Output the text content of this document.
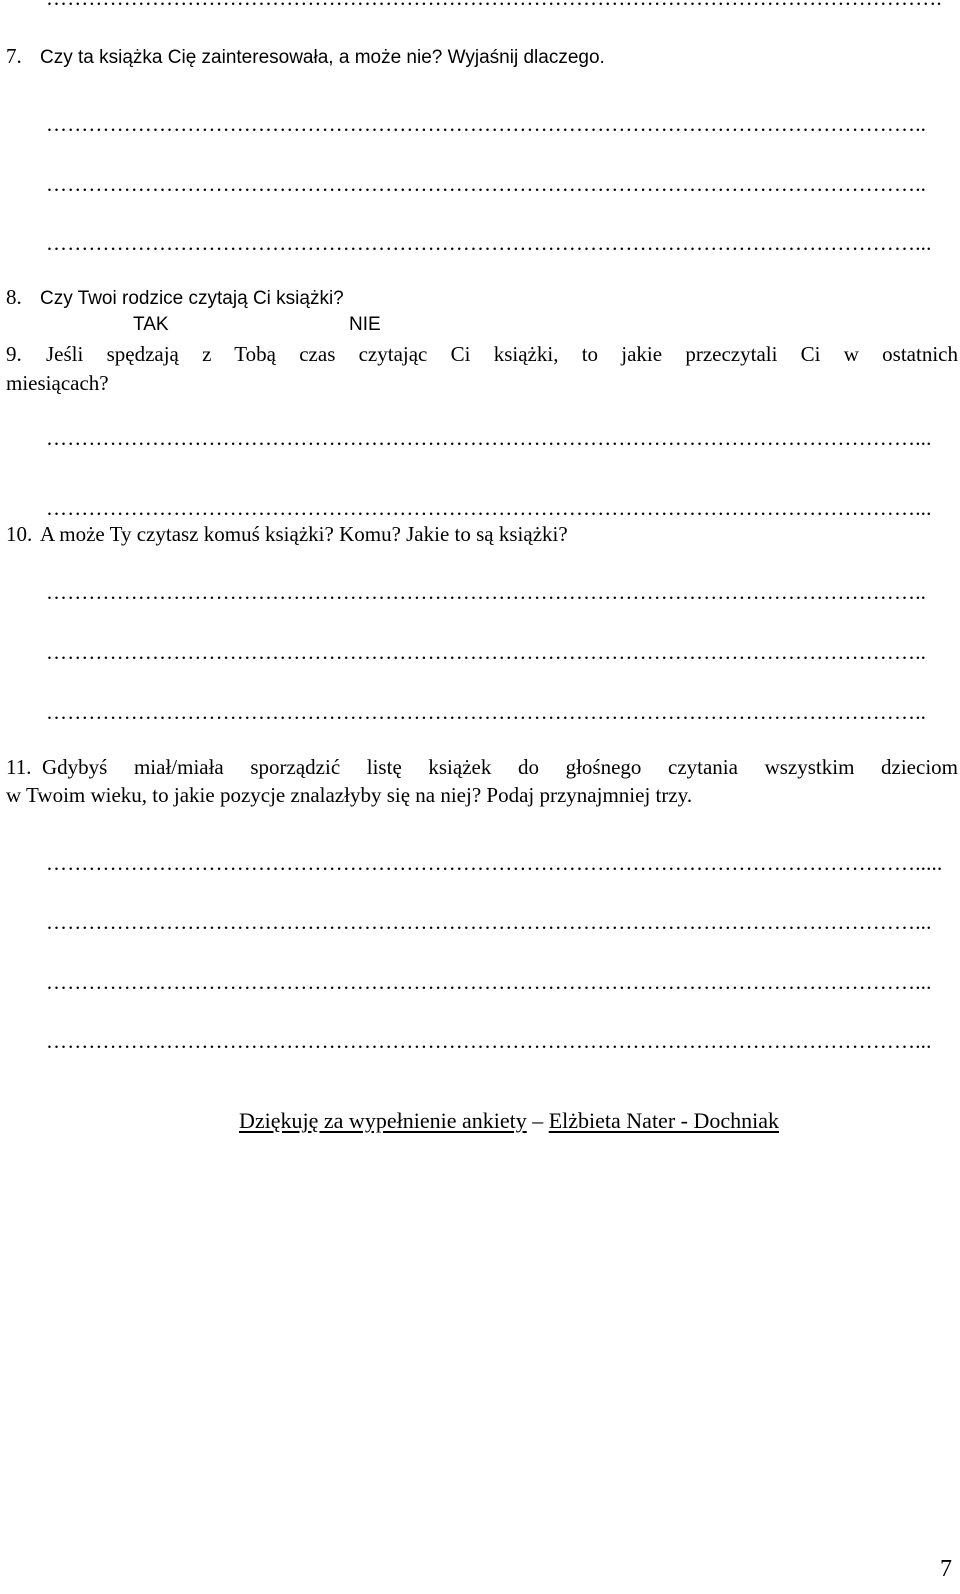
7. Czy ta książka Cię zainteresowała, a może nie? Wyjaśnij dlaczego.
……………………………………………………………………………………………………………..
……………………………………………………………………………………………………………..
……………………………………………………………………………………………………………...
8. Czy Twoi rodzice czytają Ci książki?
TAK	NIE
9. Jeśli spędzają z Tobą czas czytając Ci książki, to jakie przeczytali Ci w ostatnich
miesiącach?
……………………………………………………………………………………………………………...
……………………………………………………………………………………………………………...
10. A może Ty czytasz komuś książki? Komu? Jakie to są książki?
……………………………………………………………………………………………………………..
……………………………………………………………………………………………………………..
……………………………………………………………………………………………………………..
11. Gdybyś miał/miała sporządzić listę książek do głośnego czytania wszystkim dzieciom
w Twoim wieku, to jakie pozycje znalazłyby się na niej? Podaj przynajmniej trzy.
…………………………………………………………………………………………………………….....
……………………………………………………………………………………………………………...
……………………………………………………………………………………………………………...
……………………………………………………………………………………………………………...
Dziękuję za wypełnienie ankiety – Elżbieta Nater - Dochniak
7
